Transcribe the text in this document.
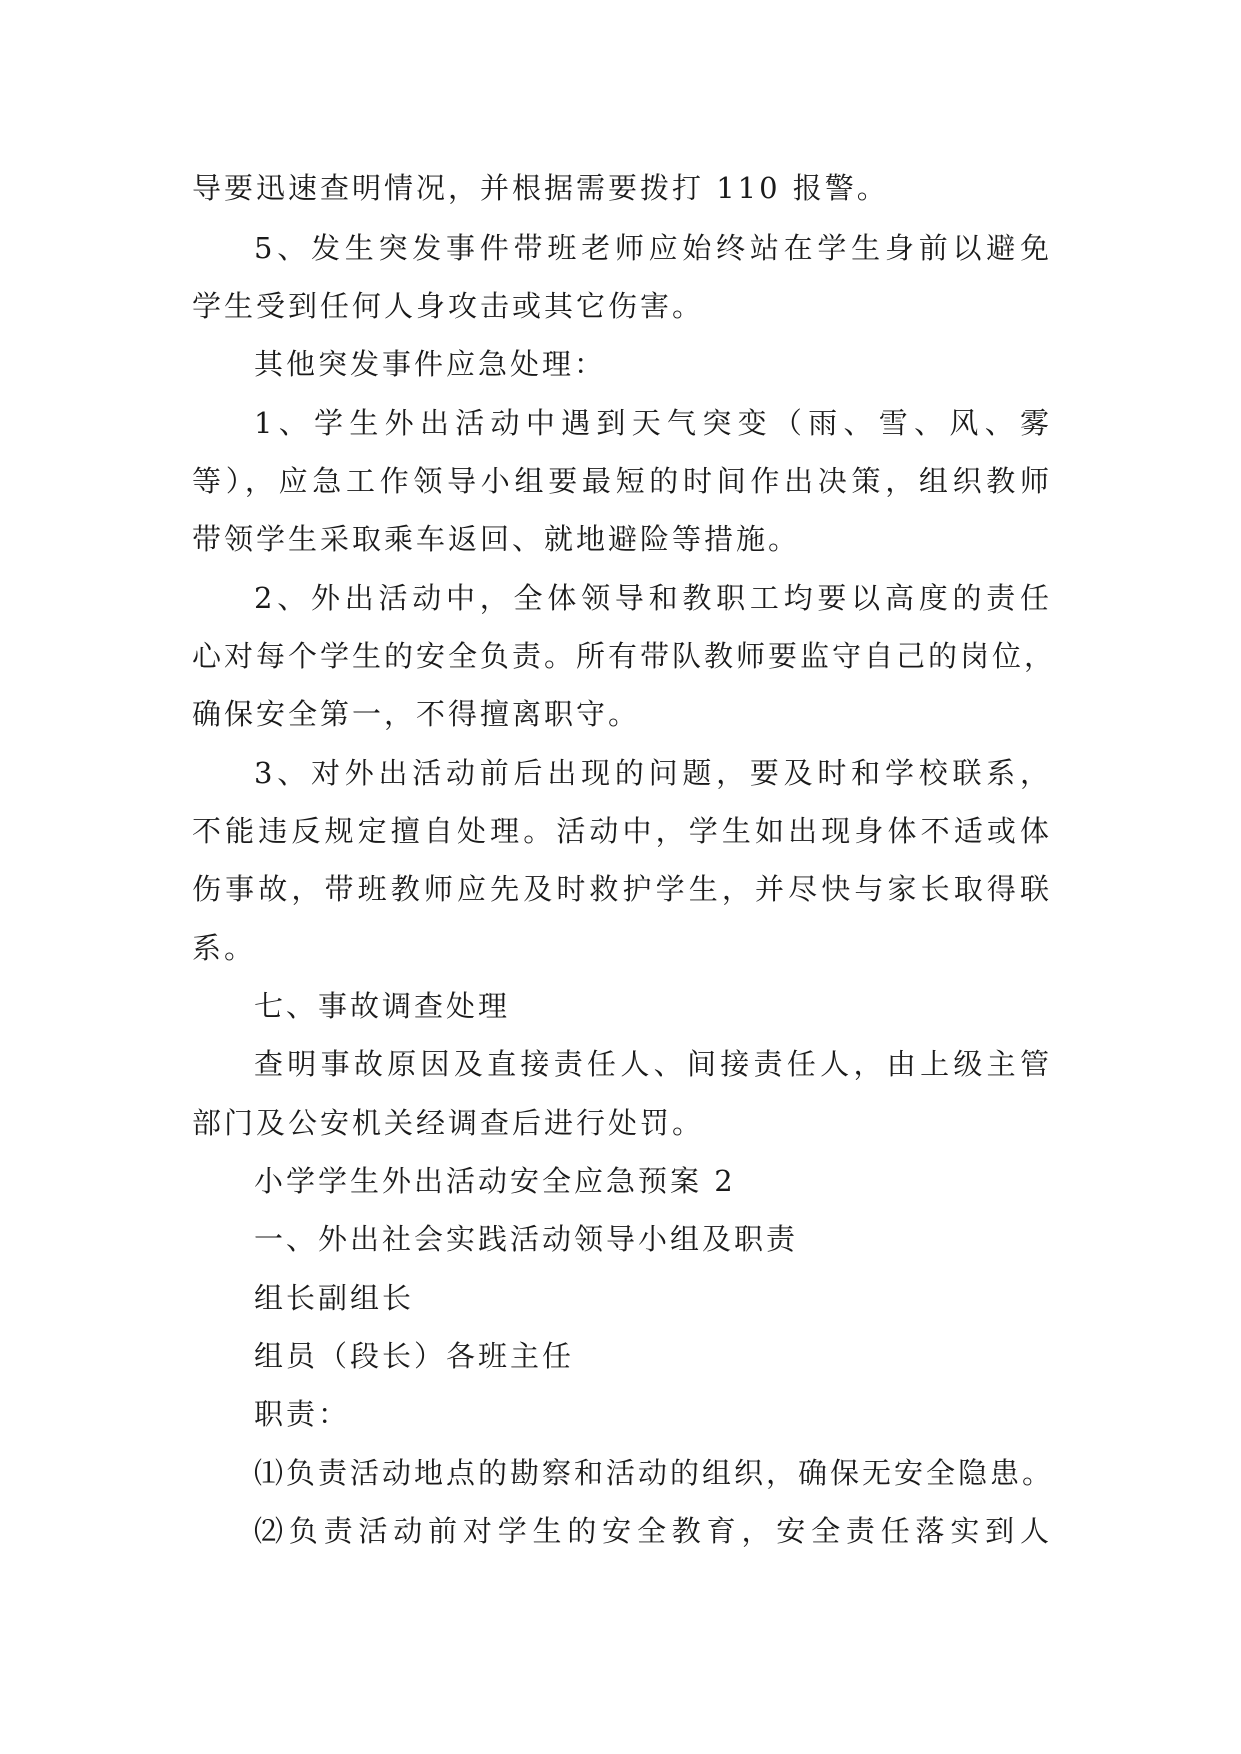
导要迅速查明情况，并根据需要拨打 110 报警。
5、发生突发事件带班老师应始终站在学生身前以避免
学生受到任何人身攻击或其它伤害。
其他突发事件应急处理：
1、学生外出活动中遇到天气突变（雨、雪、风、雾
等），应急工作领导小组要最短的时间作出决策，组织教师
带领学生采取乘车返回、就地避险等措施。
2、外出活动中，全体领导和教职工均要以高度的责任
心对每个学生的安全负责。所有带队教师要监守自己的岗位，
确保安全第一，不得擅离职守。
3、对外出活动前后出现的问题，要及时和学校联系，
不能违反规定擅自处理。活动中，学生如出现身体不适或体
伤事故，带班教师应先及时救护学生，并尽快与家长取得联
系。
七、事故调查处理
查明事故原因及直接责任人、间接责任人，由上级主管
部门及公安机关经调查后进行处罚。
小学学生外出活动安全应急预案 2
一、外出社会实践活动领导小组及职责
组长副组长
组员（段长）各班主任
职责：
⑴负责活动地点的勘察和活动的组织，确保无安全隐患。
⑵负责活动前对学生的安全教育，安全责任落实到人
